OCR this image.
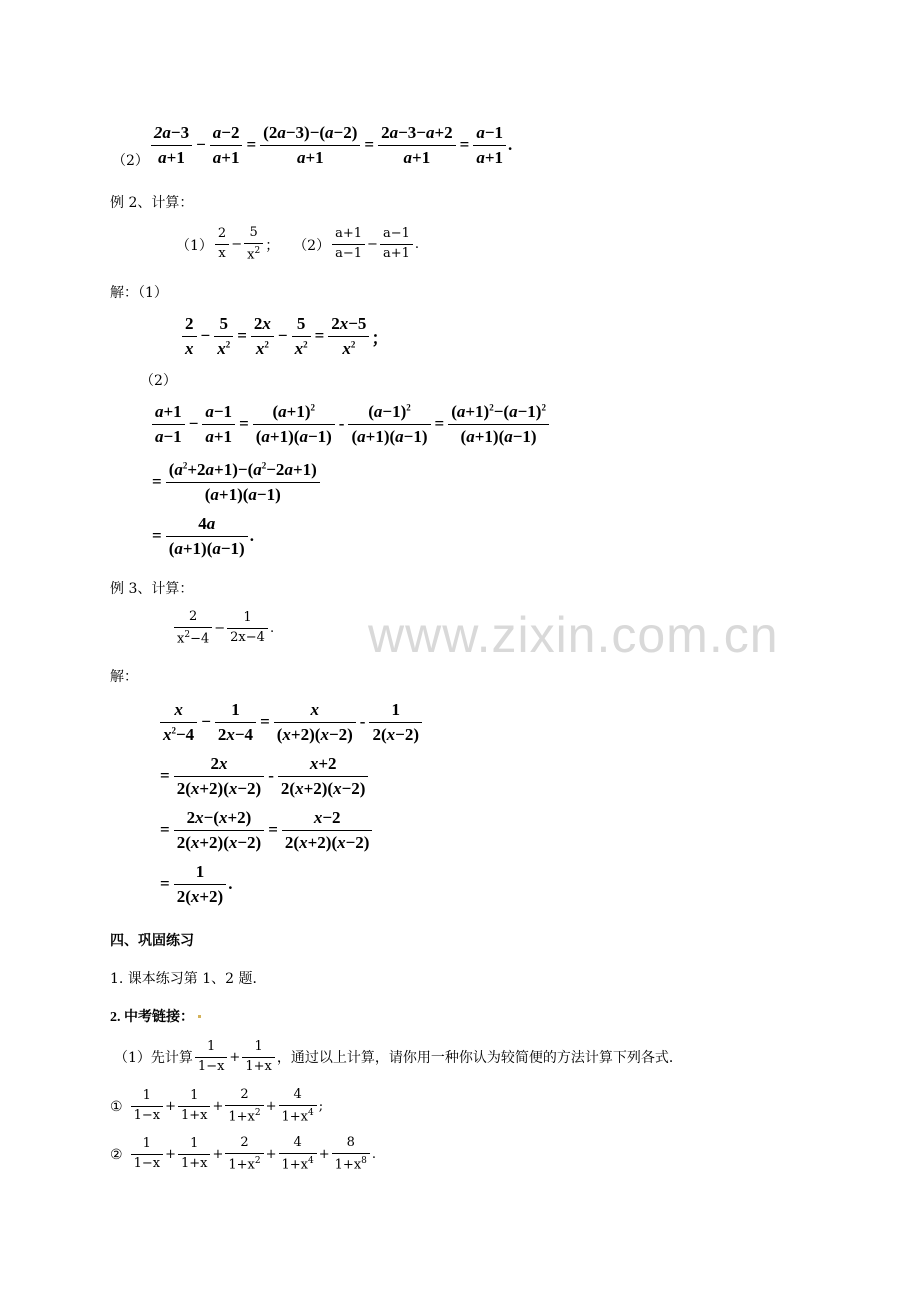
www.zixin.com.cn
$(2) \frac{2a-3}{a+1} - \frac{a-2}{a+1} = \frac{(2a-3)-(a-2)}{a+1} = \frac{2a-3-a+2}{a+1} = \frac{a-1}{a+1}$ .
例 2、计算：
$(1) \frac{2}{x} - \frac{5}{x^2}$ ； $(2) \frac{a+1}{a-1} - \frac{a-1}{a+1}$ .
解：（1）
$\frac{2}{x} - \frac{5}{x^2} = \frac{2x}{x^2} - \frac{5}{x^2} = \frac{2x-5}{x^2}$ ；
（2）
$\frac{a+1}{a-1} - \frac{a-1}{a+1} = \frac{(a+1)^2}{(a+1)(a-1)} - \frac{(a-1)^2}{(a+1)(a-1)} = \frac{(a+1)^2-(a-1)^2}{(a+1)(a-1)}$
= $\frac{(a^2+2a+1)-(a^2-2a+1)}{(a+1)(a-1)}$
= $\frac{4a}{(a+1)(a-1)}$ .
例 3、计算：
$\frac{2}{x^2-4} - \frac{1}{2x-4}$ .
解：
$\frac{x}{x^2-4} - \frac{1}{2x-4} = \frac{x}{(x+2)(x-2)} - \frac{1}{2(x-2)}$
= $\frac{2x}{2(x+2)(x-2)} - \frac{x+2}{2(x+2)(x-2)}$
= $\frac{2x-(x+2)}{2(x+2)(x-2)} = \frac{x-2}{2(x+2)(x-2)}$
= $\frac{1}{2(x+2)}$ .
四、巩固练习
1. 课本练习第 1、2 题．
2. 中考链接：
（1）先计算 $\frac{1}{1-x} + \frac{1}{1+x}$ ，通过以上计算，请你用一种你认为较简便的方法计算下列各式．
① $\frac{1}{1-x} + \frac{1}{1+x} + \frac{2}{1+x^2} + \frac{4}{1+x^4}$ ;
② $\frac{1}{1-x} + \frac{1}{1+x} + \frac{2}{1+x^2} + \frac{4}{1+x^4} + \frac{8}{1+x^8}$ .
